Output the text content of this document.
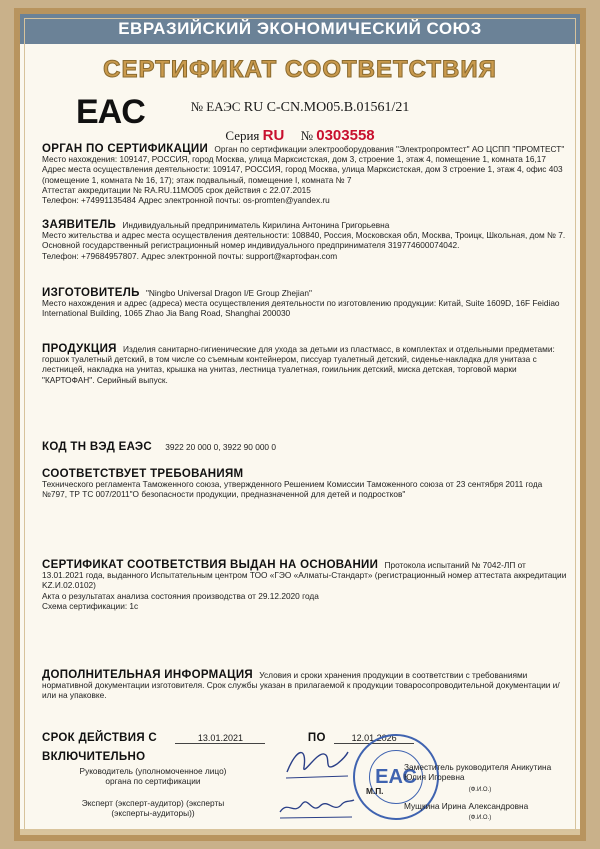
ЕВРАЗИЙСКИЙ ЭКОНОМИЧЕСКИЙ СОЮЗ
СЕРТИФИКАТ СООТВЕТСТВИЯ
EAC	№ ЕАЭС RU C-CN.MO05.B.01561/21
Серия RU № 0303558
ОРГАН ПО СЕРТИФИКАЦИИ Орган по сертификации электрооборудования "Электропромтест" АО ЦСПП "ПРОМТЕСТ"
Место нахождения: 109147, РОССИЯ, город Москва, улица Марксистская, дом 3, строение 1, этаж 4, помещение 1, комната 16,17
Адрес места осуществления деятельности: 109147, РОССИЯ, город Москва, улица Марксистская, дом 3 строение 1, этаж 4, офис 403 (помещение 1, комната № 16, 17); этаж подвальный, помещение I, комната № 7
Аттестат аккредитации № RA.RU.11MO05 срок действия с 22.07.2015
Телефон: +74991135484 Адрес электронной почты: os-promten@yandex.ru
ЗАЯВИТЕЛЬ Индивидуальный предприниматель Кирилина Антонина Григорьевна
Место жительства и адрес места осуществления деятельности: 108840, Россия, Московская обл, Москва, Троицк, Школьная, дом № 7.
Основной государственный регистрационный номер индивидуального предпринимателя 319774600074042.
Телефон: +79684957807. Адрес электронной почты: support@картофан.com
ИЗГОТОВИТЕЛЬ "Ningbo Universal Dragon I/E Group Zhejian"
Место нахождения и адрес (адреса) места осуществления деятельности по изготовлению продукции: Китай, Suite 1609D, 16F Feidiao International Building, 1065 Zhao Jia Bang Road, Shanghai 200030
ПРОДУКЦИЯ Изделия санитарно-гигиенические для ухода за детьми из пластмасс, в комплектах и отдельными предметами: горшок туалетный детский, в том числе со съемным контейнером, писсуар туалетный детский, сиденье-накладка для унитаза с лестницей, накладка на унитаз, крышка на унитаз, лестница туалетная, гоиильник детский, миска детская, торговой марки "КАРТОФАН". Серийный выпуск.
КОД ТН ВЭД ЕАЭС 3922 20 000 0, 3922 90 000 0
СООТВЕТСТВУЕТ ТРЕБОВАНИЯМ
Технического регламента Таможенного союза, утвержденного Решением Комиссии Таможенного союза от 23 сентября 2011 года №797, ТР ТС 007/2011"О безопасности продукции, предназначенной для детей и подростков"
СЕРТИФИКАТ СООТВЕТСТВИЯ ВЫДАН НА ОСНОВАНИИ Протокола испытаний № 7042-ЛП от 13.01.2021 года, выданного Испытательным центром ТОО «ГЭО «Алматы-Стандарт» (регистрационный номер аттестата аккредитации KZ.И.02.0102)
Акта о результатах анализа состояния производства от 29.12.2020 года
Схема сертификации: 1с
ДОПОЛНИТЕЛЬНАЯ ИНФОРМАЦИЯ Условия и сроки хранения продукции в соответствии с требованиями нормативной документации изготовителя. Срок службы указан в прилагаемой к продукции товаросопроводительной документации и/или на упаковке.
СРОК ДЕЙСТВИЯ С	13.01.2021	ПО	12.01.2026
ВКЛЮЧИТЕЛЬНО
Руководитель (уполномоченное лицо) органа по сертификации
Эксперт (эксперт-аудитор) (эксперты (эксперты-аудиторы))
ЕАС
М.П.
Заместитель руководителя Аникутина Юлия Игоревна
(Ф.И.О.)
Мущкина Ирина Александровна
(Ф.И.О.)
